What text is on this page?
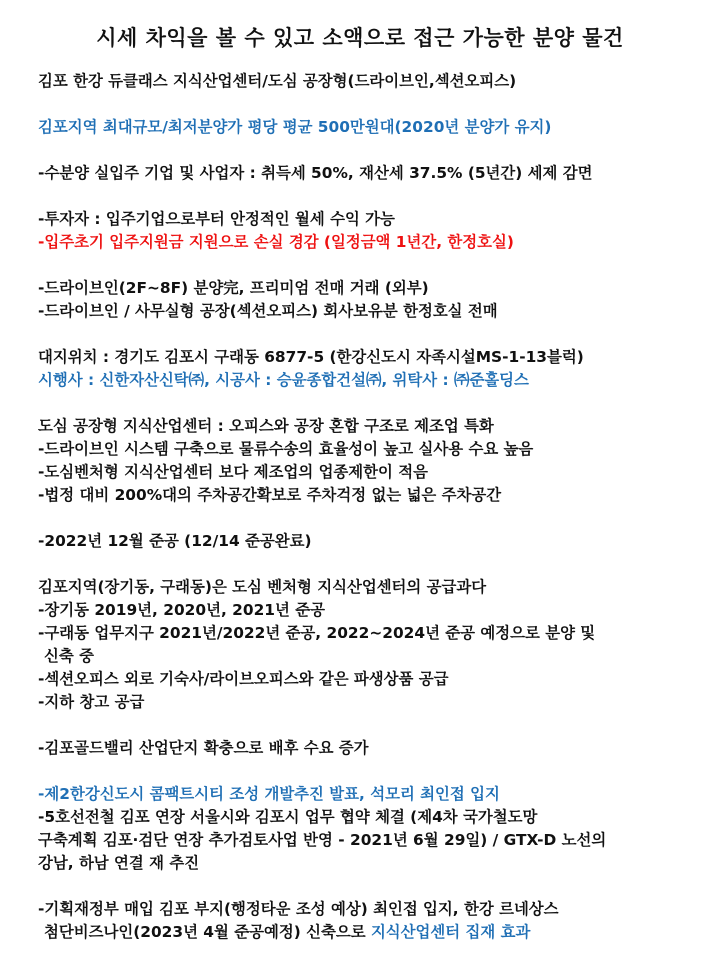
시세 차익을 볼 수 있고 소액으로 접근 가능한 분양 물건
김포 한강 듀클래스 지식산업센터/도심 공장형(드라이브인,섹션오피스)
김포지역 최대규모/최저분양가 평당 평균 500만원대(2020년 분양가 유지)
-수분양 실입주 기업 및 사업자 : 취득세 50%, 재산세 37.5% (5년간) 세제 감면
-투자자 : 입주기업으로부터 안정적인 월세 수익 가능
-입주초기 입주지원금 지원으로 손실 경감 (일정금액 1년간, 한정호실)
-드라이브인(2F~8F) 분양完, 프리미엄 전매 거래 (외부)
-드라이브인 / 사무실형 공장(섹션오피스) 회사보유분 한정호실 전매
대지위치 : 경기도 김포시 구래동 6877-5 (한강신도시 자족시설MS-1-13블럭)
시행사 : 신한자산신탁㈜, 시공사 : 승윤종합건설㈜, 위탁사 : ㈜준홀딩스
도심 공장형 지식산업센터 : 오피스와 공장 혼합 구조로 제조업 특화
-드라이브인 시스템 구축으로 물류수송의 효율성이 높고 실사용 수요 높음
-도심벤처형 지식산업센터 보다 제조업의 업종제한이 적음
-법정 대비 200%대의 주차공간확보로 주차걱정 없는 넓은 주차공간
-2022년 12월 준공 (12/14 준공완료)
김포지역(장기동, 구래동)은 도심 벤처형 지식산업센터의 공급과다
-장기동 2019년, 2020년, 2021년 준공
-구래동 업무지구 2021년/2022년 준공, 2022~2024년 준공 예정으로 분양 및
신축 중
-섹션오피스 외로 기숙사/라이브오피스와 같은 파생상품 공급
-지하 창고 공급
-김포골드밸리 산업단지 확충으로 배후 수요 증가
-제2한강신도시 콤팩트시티 조성 개발추진 발표, 석모리 최인접 입지
-5호선전철 김포 연장 서울시와 김포시 업무 협약 체결 (제4차 국가철도망
구축계획 김포·검단 연장 추가검토사업 반영 - 2021년 6월 29일) / GTX-D 노선의
강남, 하남 연결 재 추진
-기획재정부 매입 김포 부지(행정타운 조성 예상) 최인접 입지, 한강 르네상스
첨단비즈나인(2023년 4월 준공예정) 신축으로 지식산업센터 집재 효과
